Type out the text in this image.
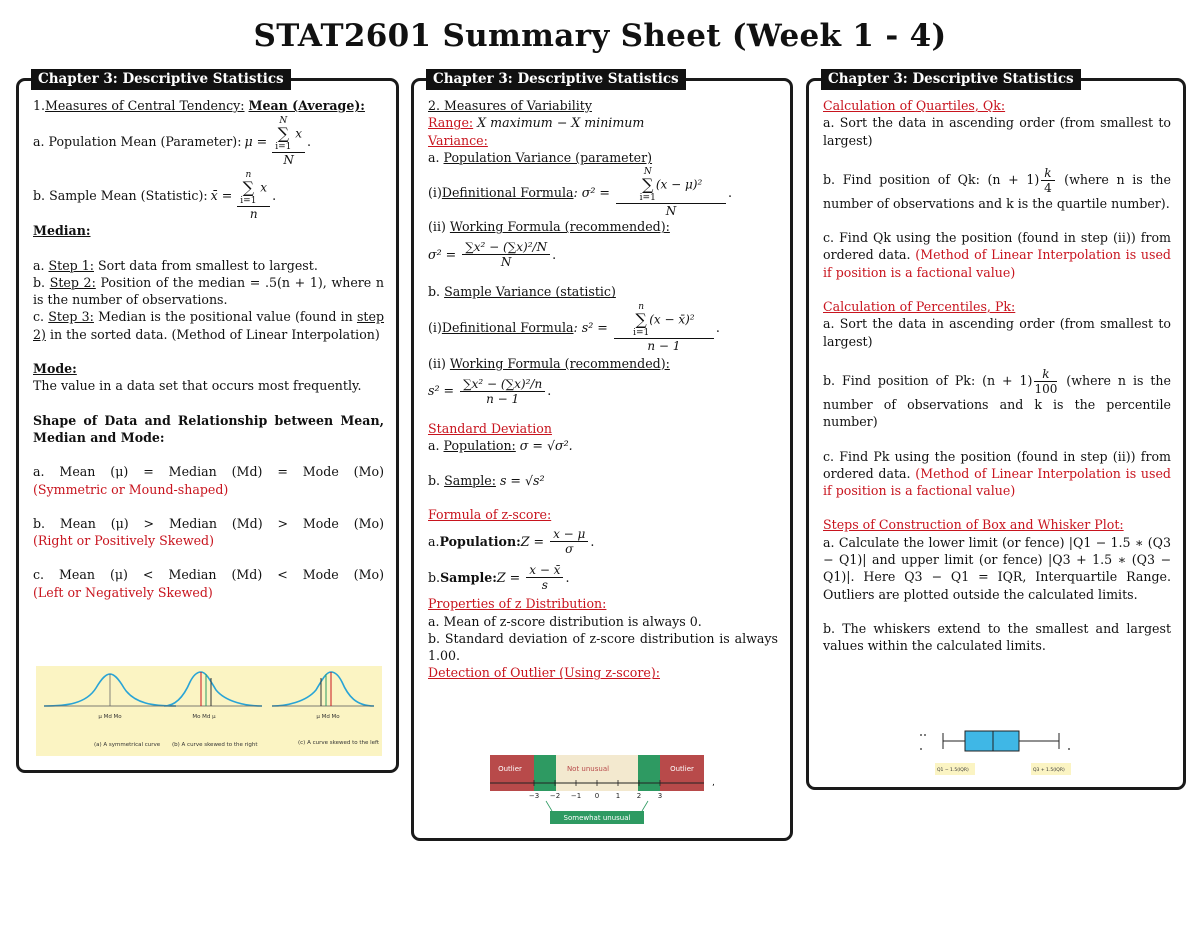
STAT2601 Summary Sheet (Week 1 - 4)
Chapter 3: Descriptive Statistics

1.Measures of Central Tendency: Mean (Average):

a. Population Mean (Parameter): μ = N
∑
i=1 x
N .
b. Sample Mean (Statistic): x̄ = n
∑
i=1 x
n .

Median:

a. Step 1: Sort data from smallest to largest.

b. Step 2: Position of the median = .5(n + 1), where n is the number of observations.

c. Step 3: Median is the positional value (found in step 2) in the sorted data. (Method of Linear Interpolation)

Mode:

The value in a data set that occurs most frequently.

Shape of Data and Relationship between Mean, Median and Mode:

a. Mean (μ) = Median (Md) = Mode (Mo)

(Symmetric or Mound-shaped)

b. Mean (μ) > Median (Md) > Mode (Mo)

(Right or Positively Skewed)

c. Mean (μ) < Median (Md) < Mode (Mo)

(Left or Negatively Skewed)

μ Md Mo
(a) A symmetrical curve
Mo Md μ
(b) A curve skewed to the right
μ Md Mo
(c) A curve skewed to the left
Chapter 3: Descriptive Statistics

2. Measures of Variability

Range: X maximum − X minimum

Variance:

a. Population Variance (parameter)

(i) Definitional Formula : σ² = N
∑
i=1(x − μ)²
N .

(ii) Working Formula (recommended):

$\sigma^2 = \frac{\text{∑x² − (∑x)²/N}}{N}$ .

b. Sample Variance (statistic)

(i) Definitional Formula : s² = n
∑
i=1(x − x̄)²
n − 1 .

(ii) Working Formula (recommended):

$s^2 = \frac{\text{∑x² − (∑x)²/n}}{n - 1}$ .

Standard Deviation

a. Population: σ = √σ².

b. Sample: s = √s²

Formula of z-score:

a. Population: $Z = \frac{x - \mu}{\sigma}$ .
b. Sample: $Z = \frac{x - x̄}{s}$ .

Properties of z Distribution:

a. Mean of z-score distribution is always 0.

b. Standard deviation of z-score distribution is always 1.00.

Detection of Outlier (Using z-score):

Outlier	Not unusual	Outlier
,
−3 −2 −1 0 1 2 3
Somewhat unusual
Chapter 3: Descriptive Statistics

Calculation of Quartiles, Qk:

a. Sort the data in ascending order (from smallest to largest)

b. Find position of Qk: $(n + 1) \frac{k}{4}$ (where n is the number of observations and k is the quartile number).

c. Find Qk using the position (found in step (ii)) from ordered data. (Method of Linear Interpolation is used if position is a factional value)

Calculation of Percentiles, Pk:

a. Sort the data in ascending order (from smallest to largest)

b. Find position of Pk: $(n + 1) \frac{k}{100}$ (where n is the number of observations and k is the percentile number)

c. Find Pk using the position (found in step (ii)) from ordered data. (Method of Linear Interpolation is used if position is a factional value)

Steps of Construction of Box and Whisker Plot:

a. Calculate the lower limit (or fence) |Q1 − 1.5 ∗ (Q3 − Q1)| and upper limit (or fence) |Q3 + 1.5 ∗ (Q3 − Q1)|. Here Q3 − Q1 = IQR, Interquartile Range. Outliers are plotted outside the calculated limits.

b. The whiskers extend to the smallest and largest values within the calculated limits.

Q1 − 1.5(IQR)	Q3 + 1.5(IQR)
